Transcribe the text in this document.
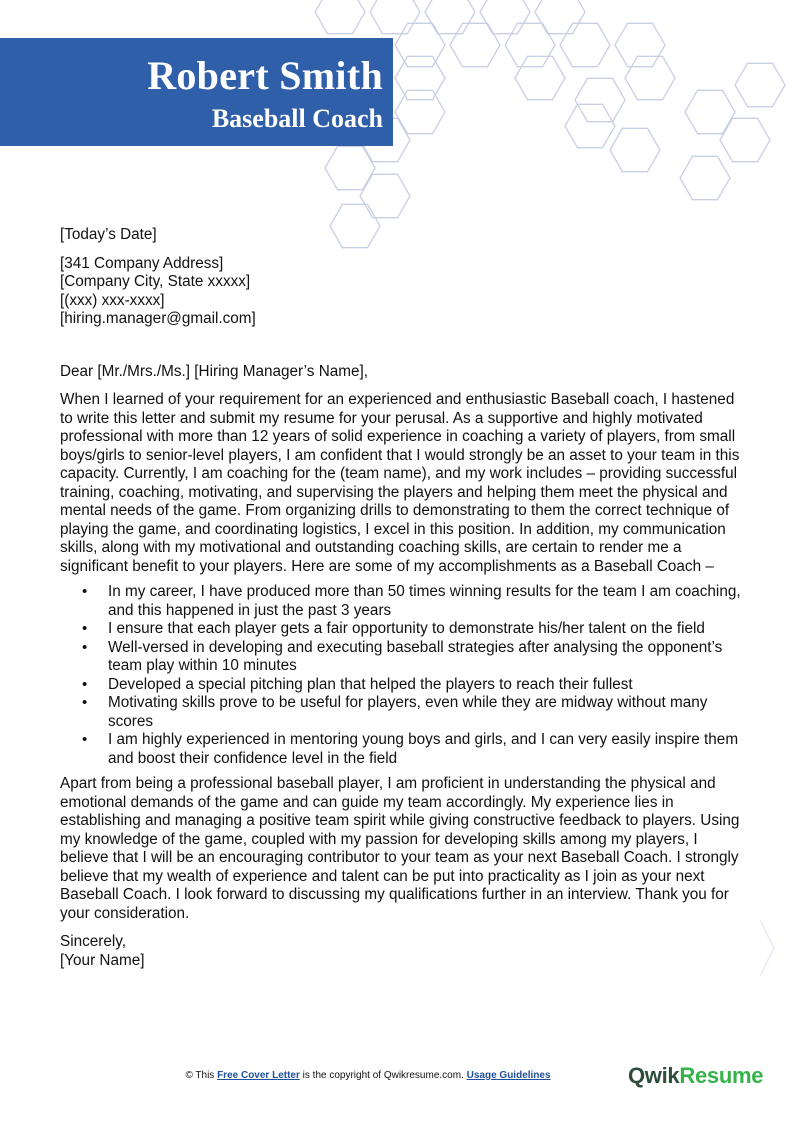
Robert Smith
Baseball Coach

[Today’s Date]

[341 Company Address]
[Company City, State xxxxx]
[(xxx) xxx-xxxx]
[hiring.manager@gmail.com]

Dear [Mr./Mrs./Ms.] [Hiring Manager’s Name],

When I learned of your requirement for an experienced and enthusiastic Baseball coach, I hastened to write this letter and submit my resume for your perusal. As a supportive and highly motivated professional with more than 12 years of solid experience in coaching a variety of players, from small boys/girls to senior-level players, I am confident that I would strongly be an asset to your team in this capacity. Currently, I am coaching for the (team name), and my work includes – providing successful training, coaching, motivating, and supervising the players and helping them meet the physical and mental needs of the game. From organizing drills to demonstrating to them the correct technique of playing the game, and coordinating logistics, I excel in this position. In addition, my communication skills, along with my motivational and outstanding coaching skills, are certain to render me a significant benefit to your players. Here are some of my accomplishments as a Baseball Coach –

• In my career, I have produced more than 50 times winning results for the team I am coaching, and this happened in just the past 3 years
• I ensure that each player gets a fair opportunity to demonstrate his/her talent on the field
• Well-versed in developing and executing baseball strategies after analysing the opponent’s team play within 10 minutes
• Developed a special pitching plan that helped the players to reach their fullest
• Motivating skills prove to be useful for players, even while they are midway without many scores
• I am highly experienced in mentoring young boys and girls, and I can very easily inspire them and boost their confidence level in the field

Apart from being a professional baseball player, I am proficient in understanding the physical and emotional demands of the game and can guide my team accordingly. My experience lies in establishing and managing a positive team spirit while giving constructive feedback to players. Using my knowledge of the game, coupled with my passion for developing skills among my players, I believe that I will be an encouraging contributor to your team as your next Baseball Coach. I strongly believe that my wealth of experience and talent can be put into practicality as I join as your next Baseball Coach. I look forward to discussing my qualifications further in an interview. Thank you for your consideration.

Sincerely,

[Your Name]

© This Free Cover Letter is the copyright of Qwikresume.com. Usage Guidelines	QwikResume
